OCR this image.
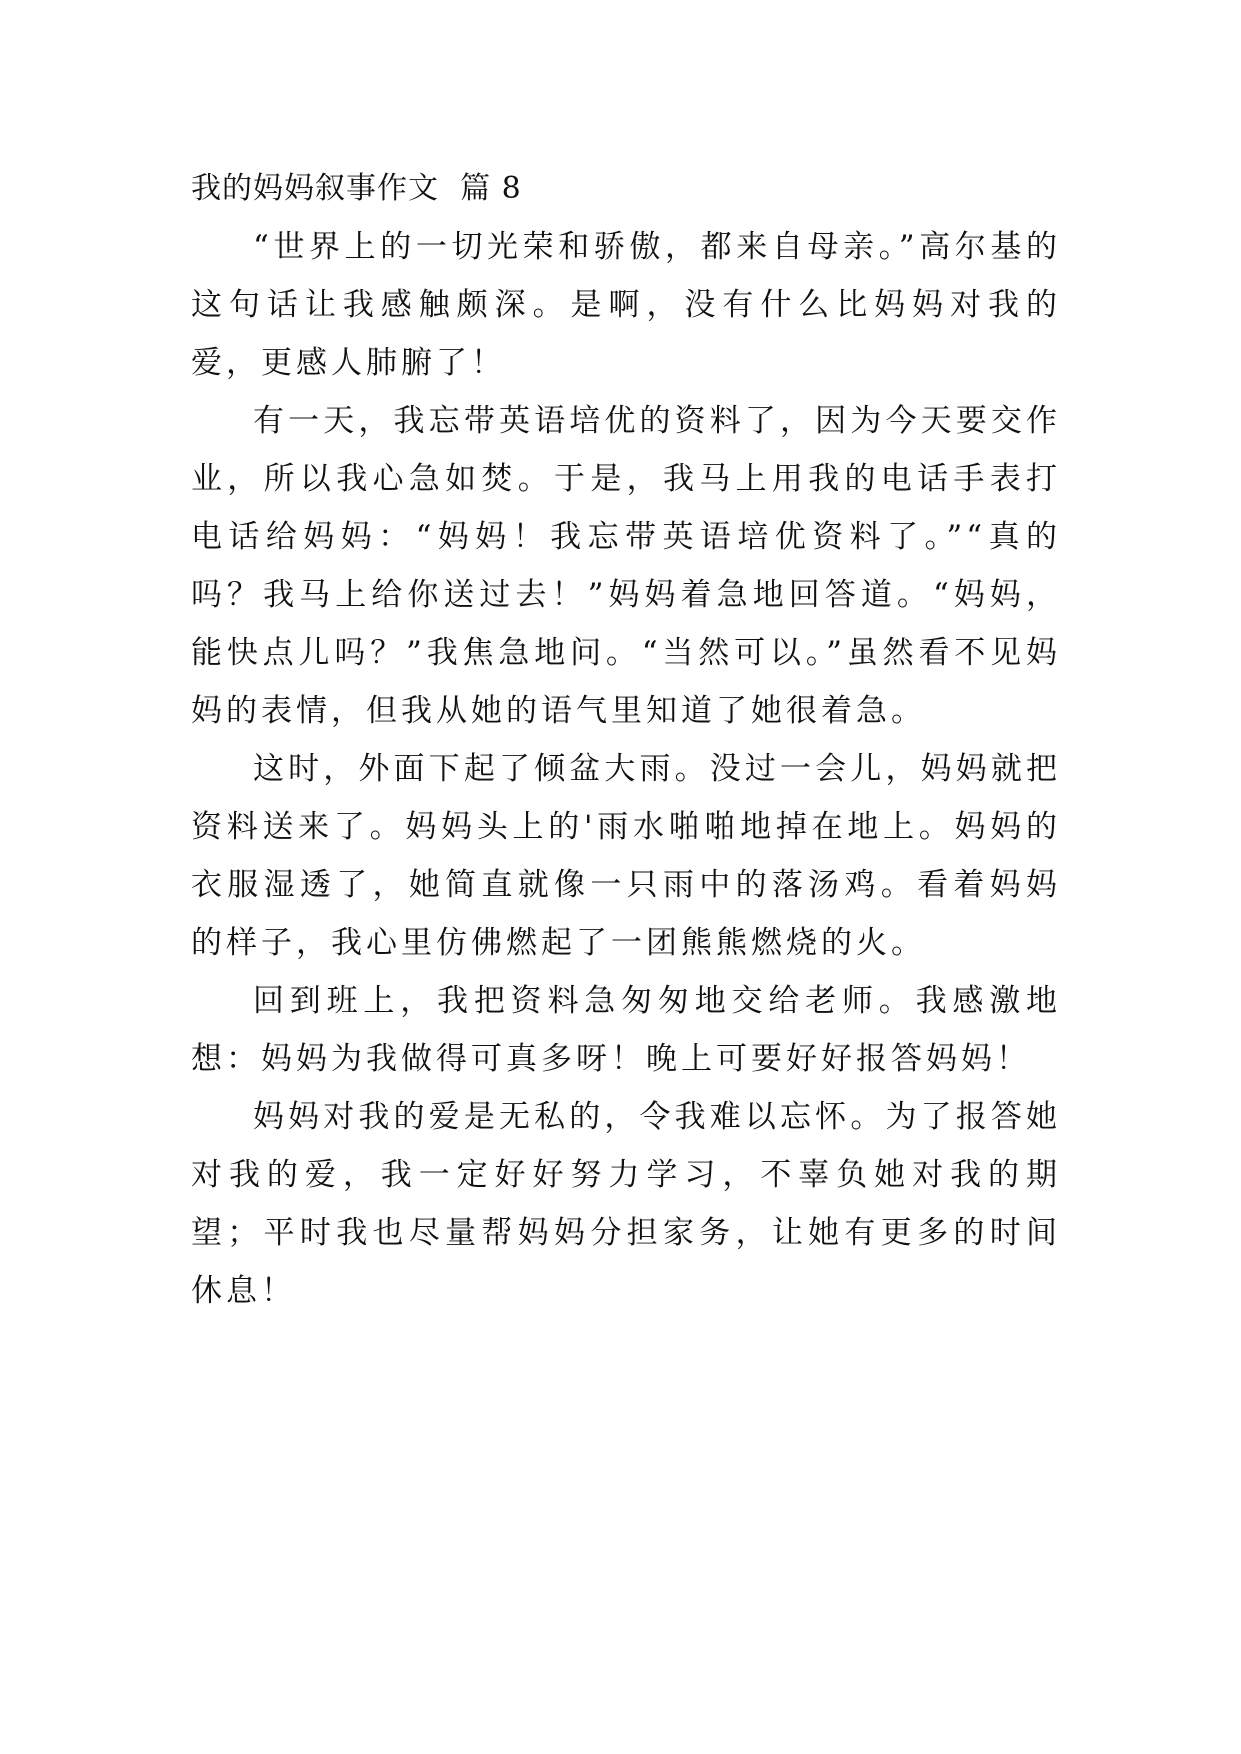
我的妈妈叙事作文  篇 8

“世界上的一切光荣和骄傲，都来自母亲。”高尔基的这句话让我感触颇深。是啊，没有什么比妈妈对我的爱，更感人肺腑了！

有一天，我忘带英语培优的资料了，因为今天要交作业，所以我心急如焚。于是，我马上用我的电话手表打电话给妈妈：“妈妈！我忘带英语培优资料了。”“真的吗？我马上给你送过去！”妈妈着急地回答道。“妈妈，能快点儿吗？”我焦急地问。“当然可以。”虽然看不见妈妈的表情，但我从她的语气里知道了她很着急。

这时，外面下起了倾盆大雨。没过一会儿，妈妈就把资料送来了。妈妈头上的'雨水啪啪地掉在地上。妈妈的衣服湿透了，她简直就像一只雨中的落汤鸡。看着妈妈的样子，我心里仿佛燃起了一团熊熊燃烧的火。

回到班上，我把资料急匆匆地交给老师。我感激地想：妈妈为我做得可真多呀！晚上可要好好报答妈妈！

妈妈对我的爱是无私的，令我难以忘怀。为了报答她对我的爱，我一定好好努力学习，不辜负她对我的期望；平时我也尽量帮妈妈分担家务，让她有更多的时间休息！
